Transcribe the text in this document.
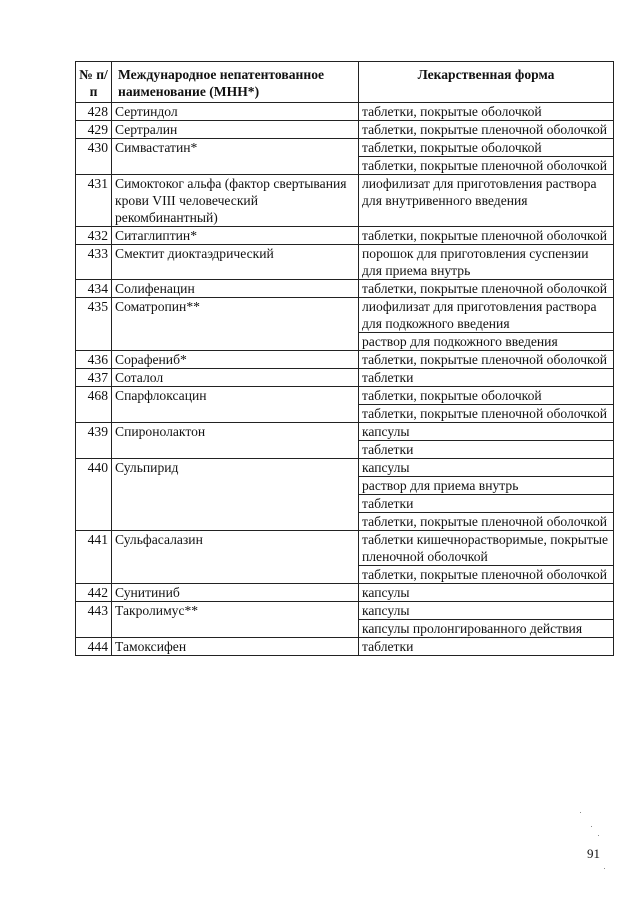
№ п/п	Международное непатентованное наименование (МНН*)	Лекарственная форма
428	Сертиндол	таблетки, покрытые оболочкой
429	Сертралин	таблетки, покрытые пленочной оболочкой
430	Симвастатин*	таблетки, покрытые оболочкой
		таблетки, покрытые пленочной оболочкой
431	Симоктоког альфа (фактор свертывания крови VIII человеческий рекомбинантный)	лиофилизат для приготовления раствора для внутривенного введения
432	Ситаглиптин*	таблетки, покрытые пленочной оболочкой
433	Смектит диоктаэдрический	порошок для приготовления суспензии для приема внутрь
434	Солифенацин	таблетки, покрытые пленочной оболочкой
435	Соматропин**	лиофилизат для приготовления раствора для подкожного введения
		раствор для подкожного введения
436	Сорафениб*	таблетки, покрытые пленочной оболочкой
437	Соталол	таблетки
468	Спарфлоксацин	таблетки, покрытые оболочкой
		таблетки, покрытые пленочной оболочкой
439	Спиронолактон	капсулы
		таблетки
440	Сульпирид	капсулы
		раствор для приема внутрь
		таблетки
		таблетки, покрытые пленочной оболочкой
441	Сульфасалазин	таблетки кишечнорастворимые, покрытые пленочной оболочкой
		таблетки, покрытые пленочной оболочкой
442	Сунитиниб	капсулы
443	Такролимус**	капсулы
		капсулы пролонгированного действия
444	Тамоксифен	таблетки
91
